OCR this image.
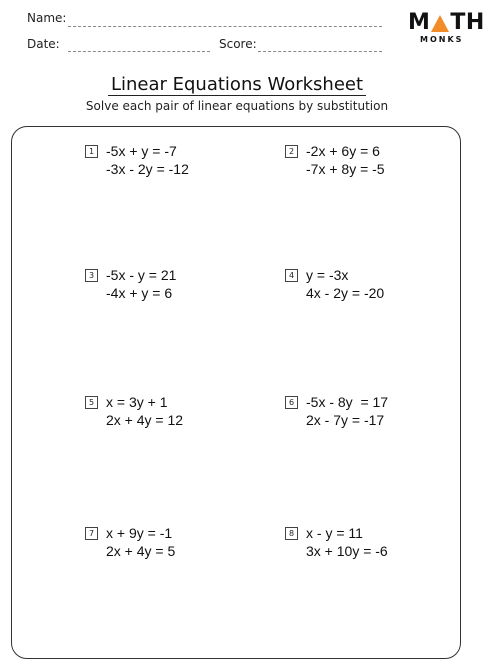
Name:
Date:	Score:
M TH
MONKS
Linear Equations Worksheet
Solve each pair of linear equations by substitution
1 -5x + y = -7
-3x - 2y = -12
2 -2x + 6y = 6
-7x + 8y = -5
3 -5x - y = 21
-4x + y = 6
4 y = -3x
4x - 2y = -20
5 x = 3y + 1
2x + 4y = 12
6 -5x - 8y  = 17
2x - 7y = -17
7 x + 9y = -1
2x + 4y = 5
8 x - y = 11
3x + 10y = -6
